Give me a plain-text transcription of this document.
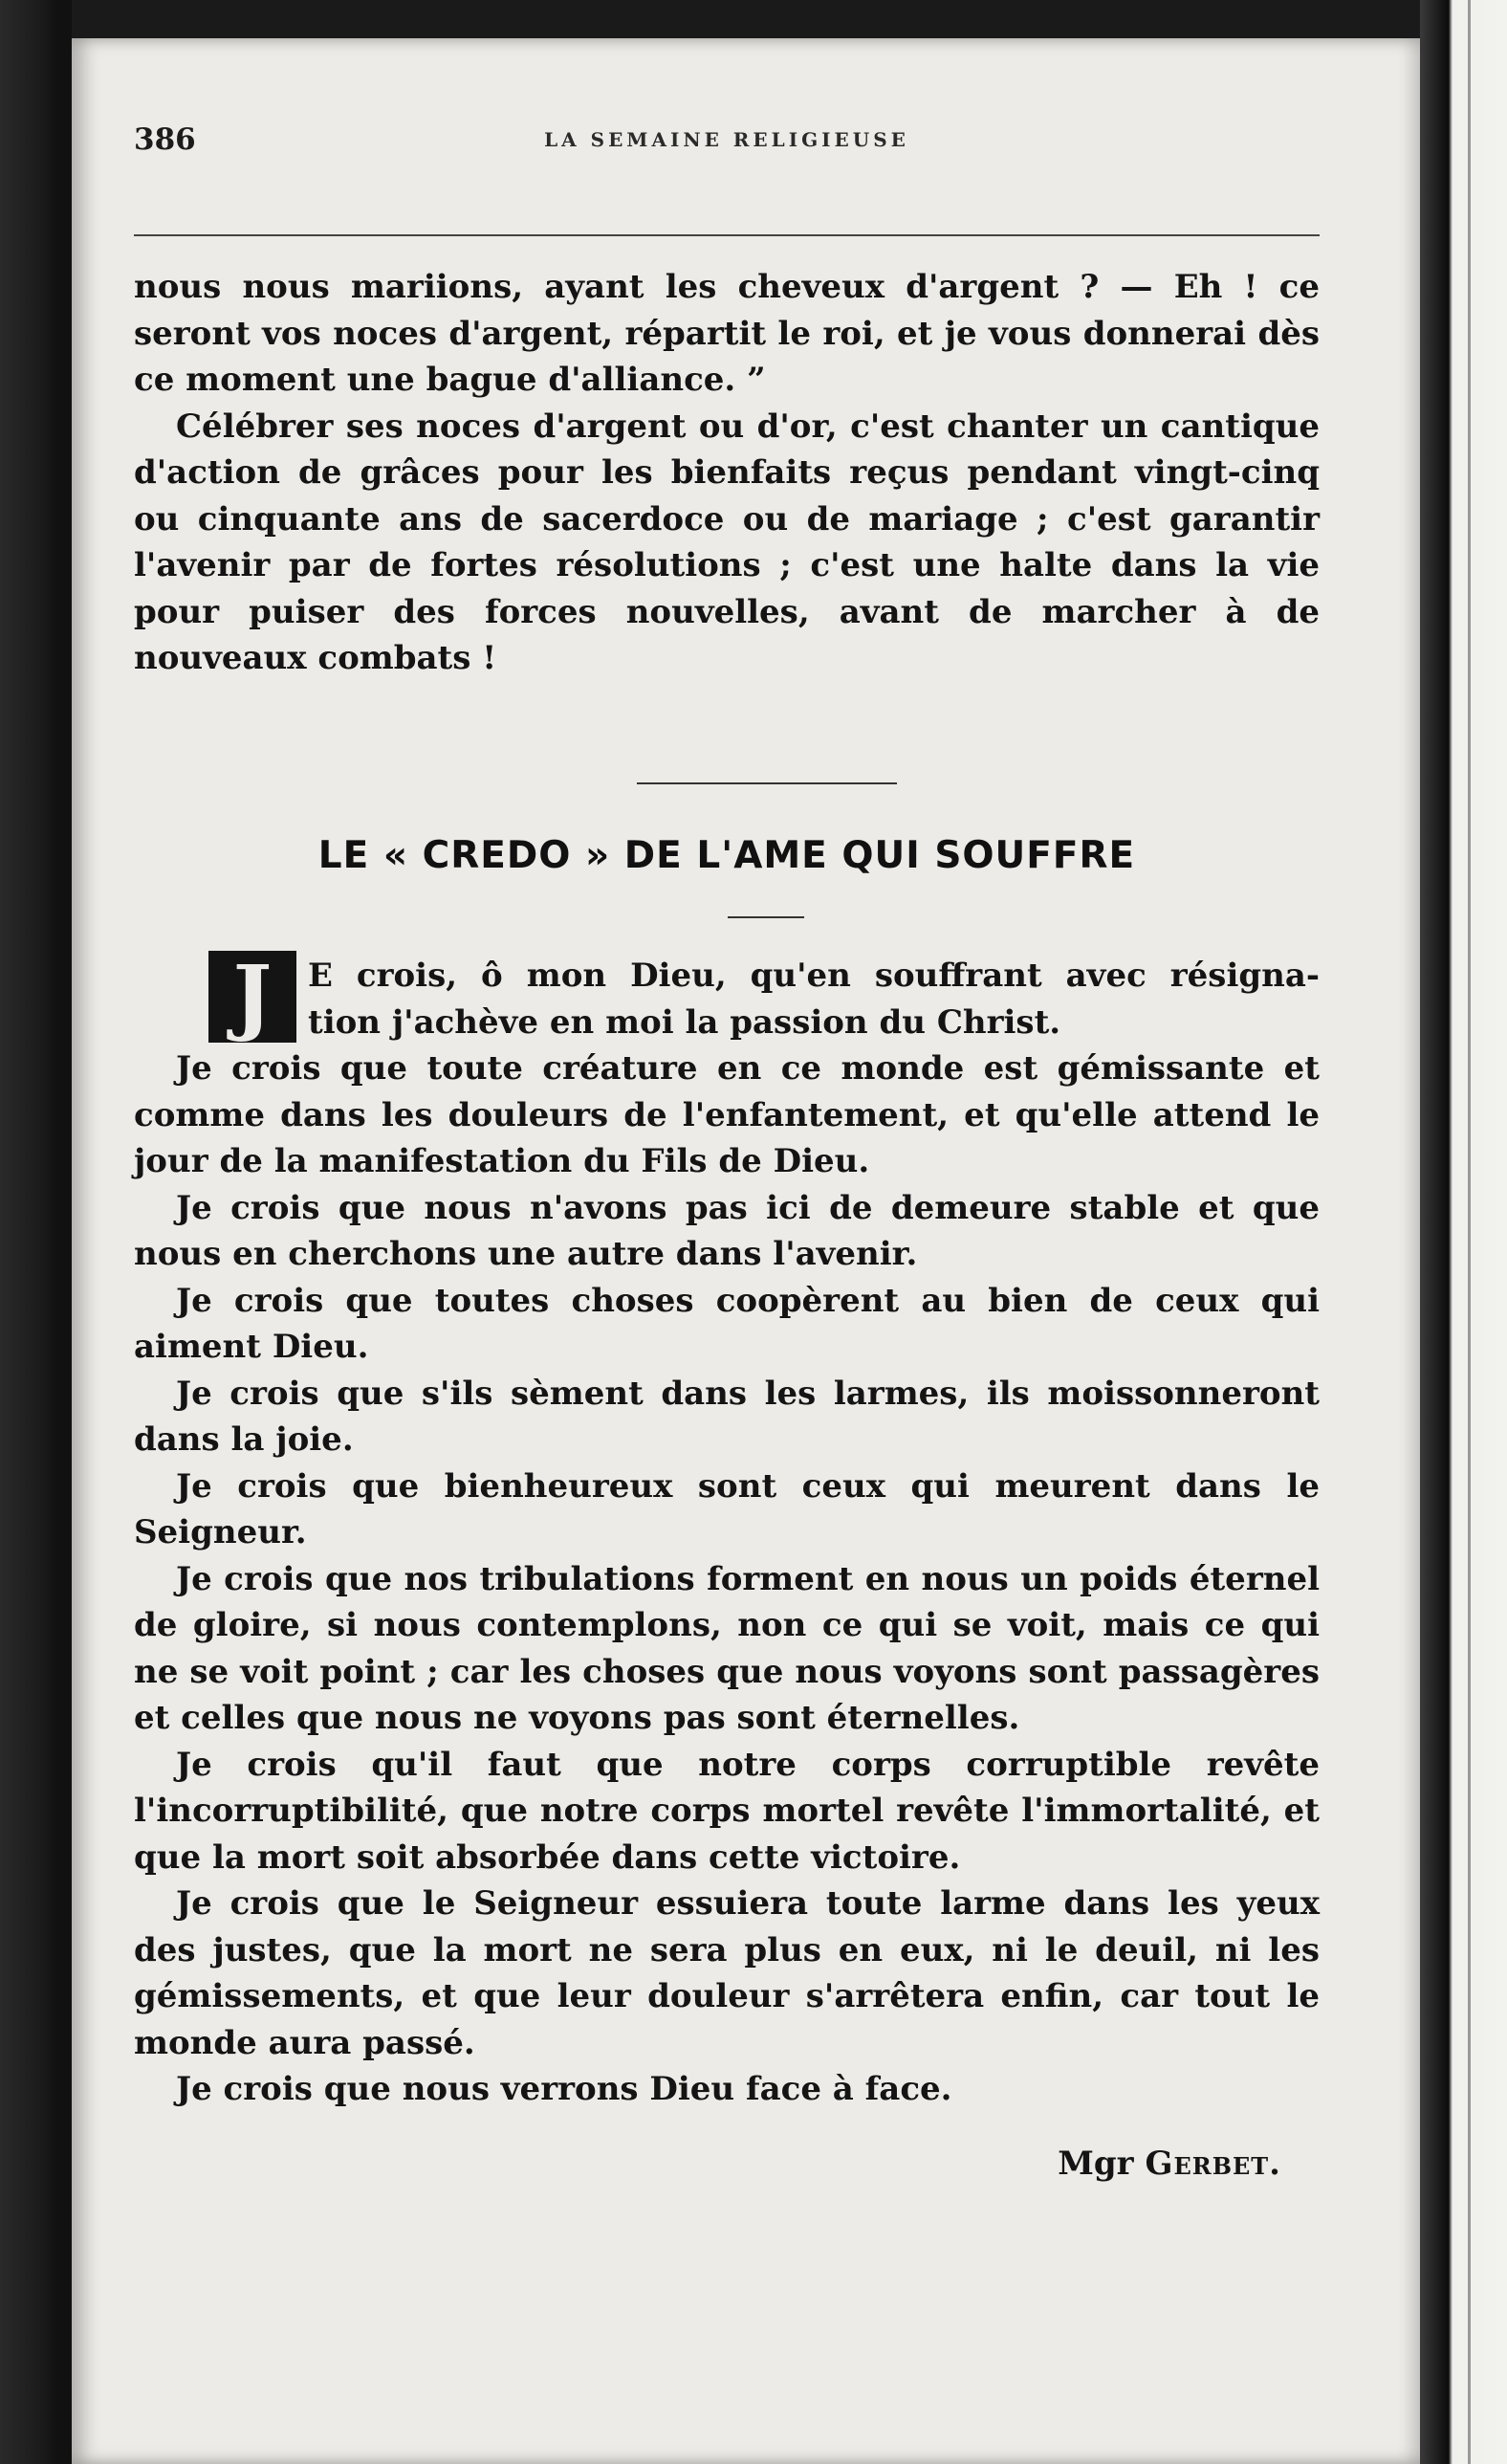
386	LA SEMAINE RELIGIEUSE

nous nous mariions, ayant les cheveux d'argent ? — Eh ! ce seront vos noces d'argent, répartit le roi, et je vous donnerai dès ce moment une bague d'alliance. ”

Célébrer ses noces d'argent ou d'or, c'est chanter un cantique d'action de grâces pour les bienfaits reçus pendant vingt-cinq ou cinquante ans de sacerdoce ou de mariage ; c'est garantir l'avenir par de fortes résolutions ; c'est une halte dans la vie pour puiser des forces nouvelles, avant de marcher à de nouveaux combats !

LE « CREDO » DE L'AME QUI SOUFFRE
J	E crois, ô mon Dieu, qu'en souffrant avec résigna-
tion j'achève en moi la passion du Christ.

Je crois que toute créature en ce monde est gémissante et comme dans les douleurs de l'enfantement, et qu'elle attend le jour de la manifestation du Fils de Dieu.

Je crois que nous n'avons pas ici de demeure stable et que nous en cherchons une autre dans l'avenir.

Je crois que toutes choses coopèrent au bien de ceux qui aiment Dieu.

Je crois que s'ils sèment dans les larmes, ils moissonneront dans la joie.

Je crois que bienheureux sont ceux qui meurent dans le Seigneur.

Je crois que nos tribulations forment en nous un poids éternel de gloire, si nous contemplons, non ce qui se voit, mais ce qui ne se voit point ; car les choses que nous voyons sont passagères et celles que nous ne voyons pas sont éternelles.

Je crois qu'il faut que notre corps corruptible revête l'incorruptibilité, que notre corps mortel revête l'immortalité, et que la mort soit absorbée dans cette victoire.

Je crois que le Seigneur essuiera toute larme dans les yeux des justes, que la mort ne sera plus en eux, ni le deuil, ni les gémissements, et que leur douleur s'arrêtera enfin, car tout le monde aura passé.

Je crois que nous verrons Dieu face à face.

Mgr Gerbet.
